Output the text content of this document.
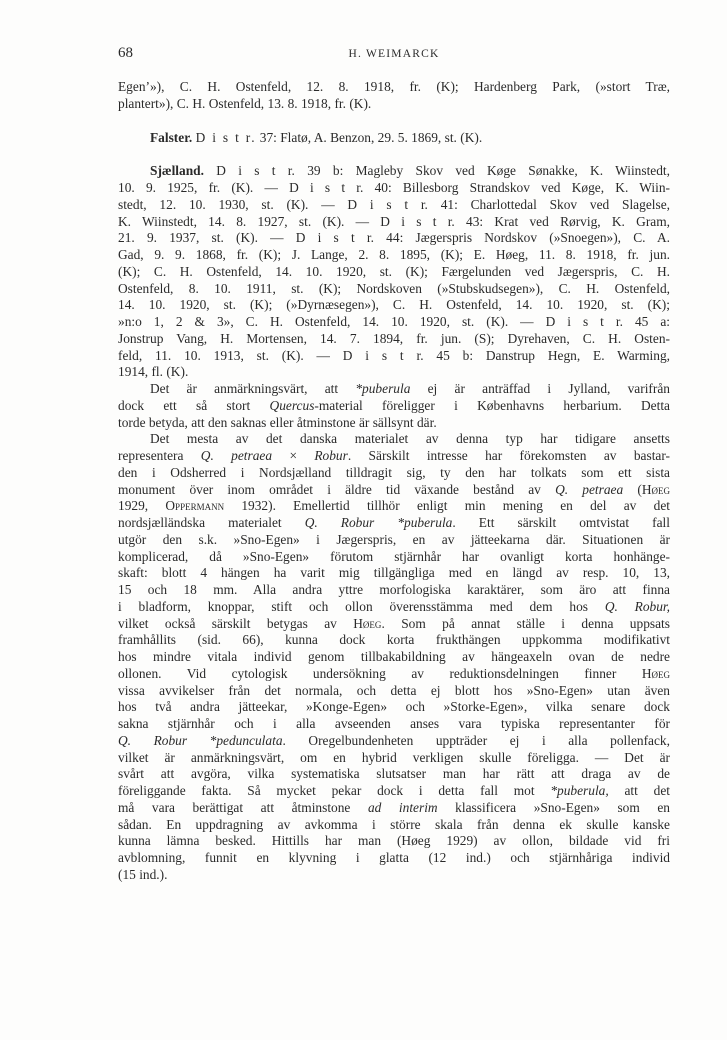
68	H. WEIMARCK
Egen’»), C. H. Ostenfeld, 12. 8. 1918, fr. (K); Hardenberg Park, (»stort Træ,
plantert»), C. H. Ostenfeld, 13. 8. 1918, fr. (K).
Falster. D i s t r. 37: Flatø, A. Benzon, 29. 5. 1869, st. (K).
Sjælland. D i s t r. 39 b: Magleby Skov ved Køge Sønakke, K. Wiinstedt,
10. 9. 1925, fr. (K). — D i s t r. 40: Billesborg Strandskov ved Køge, K. Wiin-
stedt, 12. 10. 1930, st. (K). — D i s t r. 41: Charlottedal Skov ved Slagelse,
K. Wiinstedt, 14. 8. 1927, st. (K). — D i s t r. 43: Krat ved Rørvig, K. Gram,
21. 9. 1937, st. (K). — D i s t r. 44: Jægerspris Nordskov (»Snoegen»), C. A.
Gad, 9. 9. 1868, fr. (K); J. Lange, 2. 8. 1895, (K); E. Høeg, 11. 8. 1918, fr. jun.
(K); C. H. Ostenfeld, 14. 10. 1920, st. (K); Færgelunden ved Jægerspris, C. H.
Ostenfeld, 8. 10. 1911, st. (K); Nordskoven (»Stubskudsegen»), C. H. Ostenfeld,
14. 10. 1920, st. (K); (»Dyrnæsegen»), C. H. Ostenfeld, 14. 10. 1920, st. (K);
»n:o 1, 2 & 3», C. H. Ostenfeld, 14. 10. 1920, st. (K). — D i s t r. 45 a:
Jonstrup Vang, H. Mortensen, 14. 7. 1894, fr. jun. (S); Dyrehaven, C. H. Osten-
feld, 11. 10. 1913, st. (K). — D i s t r. 45 b: Danstrup Hegn, E. Warming,
1914, fl. (K).
Det är anmärkningsvärt, att *puberula ej är anträffad i Jylland, varifrån
dock ett så stort Quercus-material föreligger i Københavns herbarium. Detta
torde betyda, att den saknas eller åtminstone är sällsynt där.
Det mesta av det danska materialet av denna typ har tidigare ansetts
representera Q. petraea × Robur. Särskilt intresse har förekomsten av bastar-
den i Odsherred i Nordsjælland tilldragit sig, ty den har tolkats som ett sista
monument över inom området i äldre tid växande bestånd av Q. petraea (Høeg
1929, Oppermann 1932). Emellertid tillhör enligt min mening en del av det
nordsjælländska materialet Q. Robur *puberula. Ett särskilt omtvistat fall
utgör den s.k. »Sno-Egen» i Jægerspris, en av jätteekarna där. Situationen är
komplicerad, då »Sno-Egen» förutom stjärnhår har ovanligt korta honhänge-
skaft: blott 4 hängen ha varit mig tillgängliga med en längd av resp. 10, 13,
15 och 18 mm. Alla andra yttre morfologiska karaktärer, som äro att finna
i bladform, knoppar, stift och ollon överensstämma med dem hos Q. Robur,
vilket också särskilt betygas av Høeg. Som på annat ställe i denna uppsats
framhållits (sid. 66), kunna dock korta frukthängen uppkomma modifikativt
hos mindre vitala individ genom tillbakabildning av hängeaxeln ovan de nedre
ollonen. Vid cytologisk undersökning av reduktionsdelningen finner Høeg
vissa avvikelser från det normala, och detta ej blott hos »Sno-Egen» utan även
hos två andra jätteekar, »Konge-Egen» och »Storke-Egen», vilka senare dock
sakna stjärnhår och i alla avseenden anses vara typiska representanter för
Q. Robur *pedunculata. Oregelbundenheten uppträder ej i alla pollenfack,
vilket är anmärkningsvärt, om en hybrid verkligen skulle föreligga. — Det är
svårt att avgöra, vilka systematiska slutsatser man har rätt att draga av de
föreliggande fakta. Så mycket pekar dock i detta fall mot *puberula, att det
må vara berättigat att åtminstone ad interim klassificera »Sno-Egen» som en
sådan. En uppdragning av avkomma i större skala från denna ek skulle kanske
kunna lämna besked. Hittills har man (Høeg 1929) av ollon, bildade vid fri
avblomning, funnit en klyvning i glatta (12 ind.) och stjärnhåriga individ
(15 ind.).
